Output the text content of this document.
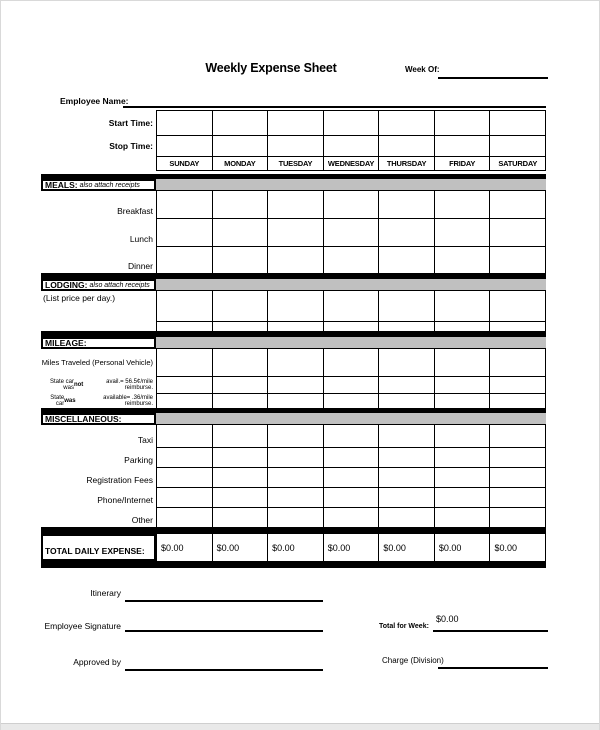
Weekly Expense Sheet	Week Of:
Employee Name:
Start Time:
Stop Time:
SUNDAY	MONDAY	TUESDAY	WEDNESDAY	THURSDAY	FRIDAY	SATURDAY
MEALS: also attach receipts
Breakfast
Lunch
Dinner
LODGING: also attach receipts
(List price per day.)
MILEAGE:
Miles Traveled (Personal Vehicle)
State car was not	avail.= 56.5¢/mile reimburse.
State car was	available= .36/mile reimburse.
MISCELLANEOUS:
Taxi
Parking
Registration Fees
Phone/Internet
Other
TOTAL DAILY EXPENSE:	$0.00	$0.00	$0.00	$0.00	$0.00	$0.00	$0.00
Itinerary
Employee Signature	Total for Week:
$0.00
Approved by	Charge (Division)
